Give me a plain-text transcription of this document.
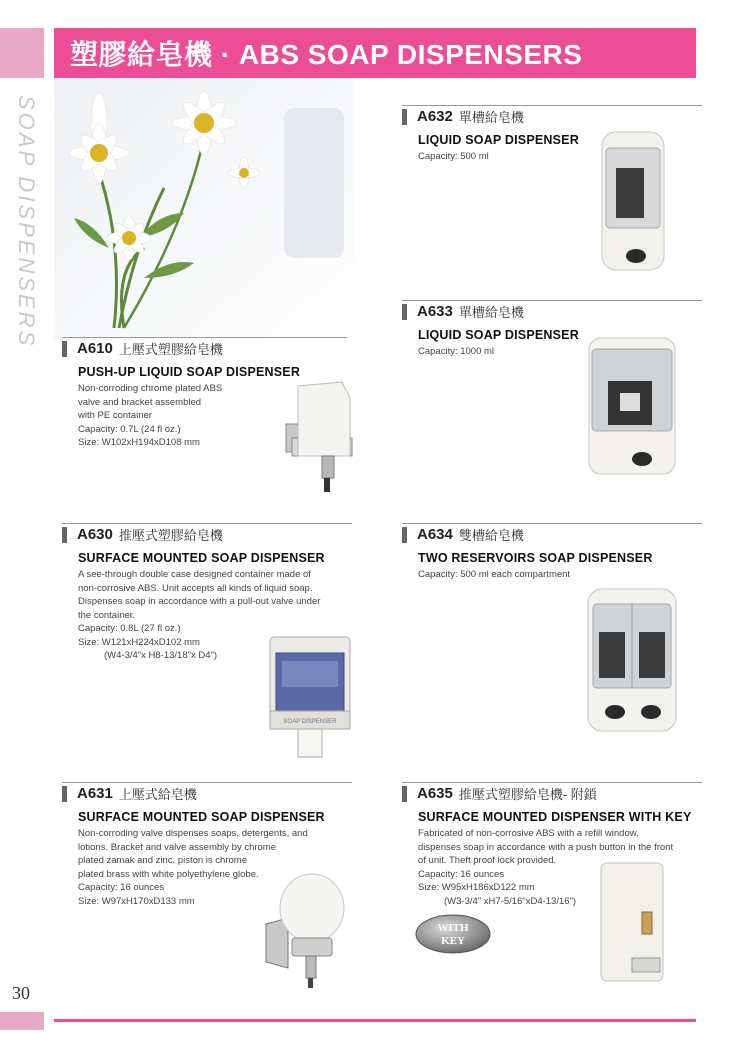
塑膠給皂機 · ABS SOAP DISPENSERS
SOAP DISPENSERS	A632 單槽給皂機
LIQUID SOAP DISPENSER
Capacity: 500 ml
A633 單槽給皂機
LIQUID SOAP DISPENSER
Capacity: 1000 ml
A610 上壓式塑膠給皂機
PUSH-UP LIQUID SOAP DISPENSER
Non-corroding chrome plated ABS
valve and bracket assembled
with PE container
Capacity: 0.7L (24 fl oz.)
Size: W102xH194xD108 mm
A630 推壓式塑膠給皂機
SURFACE MOUNTED SOAP DISPENSER
A see-through double case designed container made of
non-corrosive ABS. Unit accepts all kinds of liquid soap.
Dispenses soap in accordance with a pull-out valve under
the container.
Capacity: 0.8L (27 fl oz.)
Size: W121xH224xD102 mm
(W4-3/4"x H8-13/18"x D4")
SOAP DISPENSER
A634 雙槽給皂機
TWO RESERVOIRS SOAP DISPENSER
Capacity: 500 ml each compartment
A631 上壓式給皂機
SURFACE MOUNTED SOAP DISPENSER
Non-corroding valve dispenses soaps, detergents, and
lotions. Bracket and valve assembly by chrome
plated zamak and zinc, piston is chrome
plated brass with white polyethylene globe.
Capacity: 16 ounces
Size: W97xH170xD133 mm
A635 推壓式塑膠給皂機- 附鎖
SURFACE MOUNTED DISPENSER WITH KEY
Fabricated of non-corrosive ABS with a refill window,
dispenses soap in accordance with a push button in the front
of unit. Theft proof lock provided.
Capacity: 16 ounces
Size: W95xH186xD122 mm
(W3-3/4" xH7-5/16"xD4-13/16")
WITH
KEY
30
